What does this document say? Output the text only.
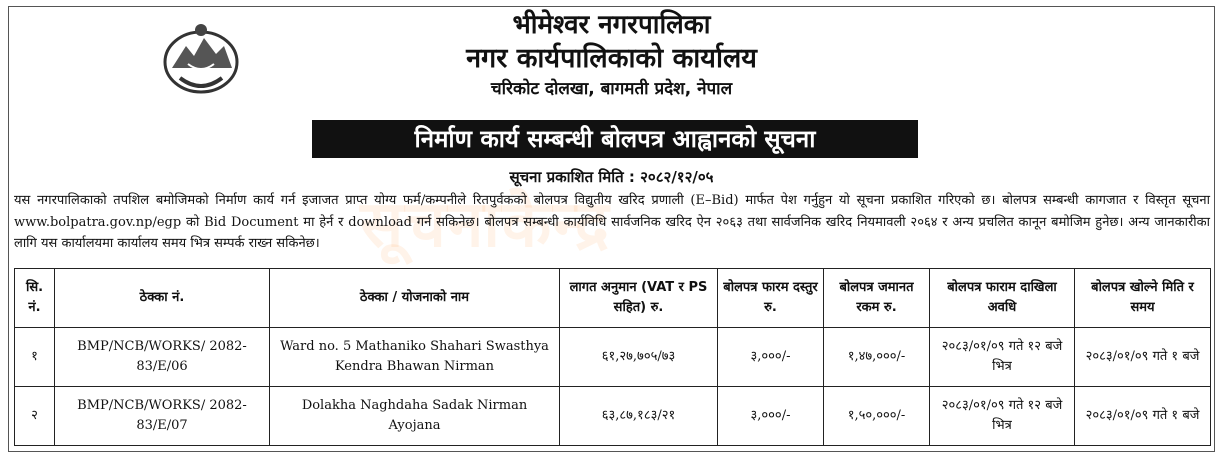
भीमेश्वर नगरपालिका
नगर कार्यपालिकाको कार्यालय
चरिकोट दोलखा, बागमती प्रदेश, नेपाल
निर्माण कार्य सम्बन्धी बोलपत्र आह्वानको सूचना
सूचना प्रकाशित मिति : २०८२/१२/०५
सूचनाकेन्द्र
यस नगरपालिकाको तपशिल बमोजिमको निर्माण कार्य गर्न इजाजत प्राप्त योग्य फर्म/कम्पनीले रितपुर्वकको बोलपत्र विद्युतीय खरिद प्रणाली (E–Bid) मार्फत पेश गर्नुहुन यो सूचना प्रकाशित गरिएको छ। बोलपत्र सम्बन्धी कागजात र विस्तृत सूचना www.bolpatra.gov.np/egp को Bid Document मा हेर्न र download गर्न सकिनेछ। बोलपत्र सम्बन्धी कार्यविधि सार्वजनिक खरिद ऐन २०६३ तथा सार्वजनिक खरिद नियमावली २०६४ र अन्य प्रचलित कानून बमोजिम हुनेछ। अन्य जानकारीका लागि यस कार्यालयमा कार्यालय समय भित्र सम्पर्क राख्न सकिनेछ।
सि. नं.	ठेक्का नं.	ठेक्का / योजनाको नाम	लागत अनुमान (VAT र PS सहित) रु.	बोलपत्र फारम दस्तुर रु.	बोलपत्र जमानत रकम रु.	बोलपत्र फाराम दाखिला अवधि	बोलपत्र खोल्ने मिति र समय
१	BMP/NCB/WORKS/ 2082-83/E/06	Ward no. 5 Mathaniko Shahari Swasthya Kendra Bhawan Nirman	६१,२७,७०५/७३	३,०००/-	१,४७,०००/-	२०८३/०१/०९ गते १२ बजे भित्र	२०८३/०१/०९ गते १ बजे
२	BMP/NCB/WORKS/ 2082-83/E/07	Dolakha Naghdaha Sadak Nirman Ayojana	६३,८७,१८३/२१	३,०००/-	१,५०,०००/-	२०८३/०१/०९ गते १२ बजे भित्र	२०८३/०१/०९ गते १ बजे
